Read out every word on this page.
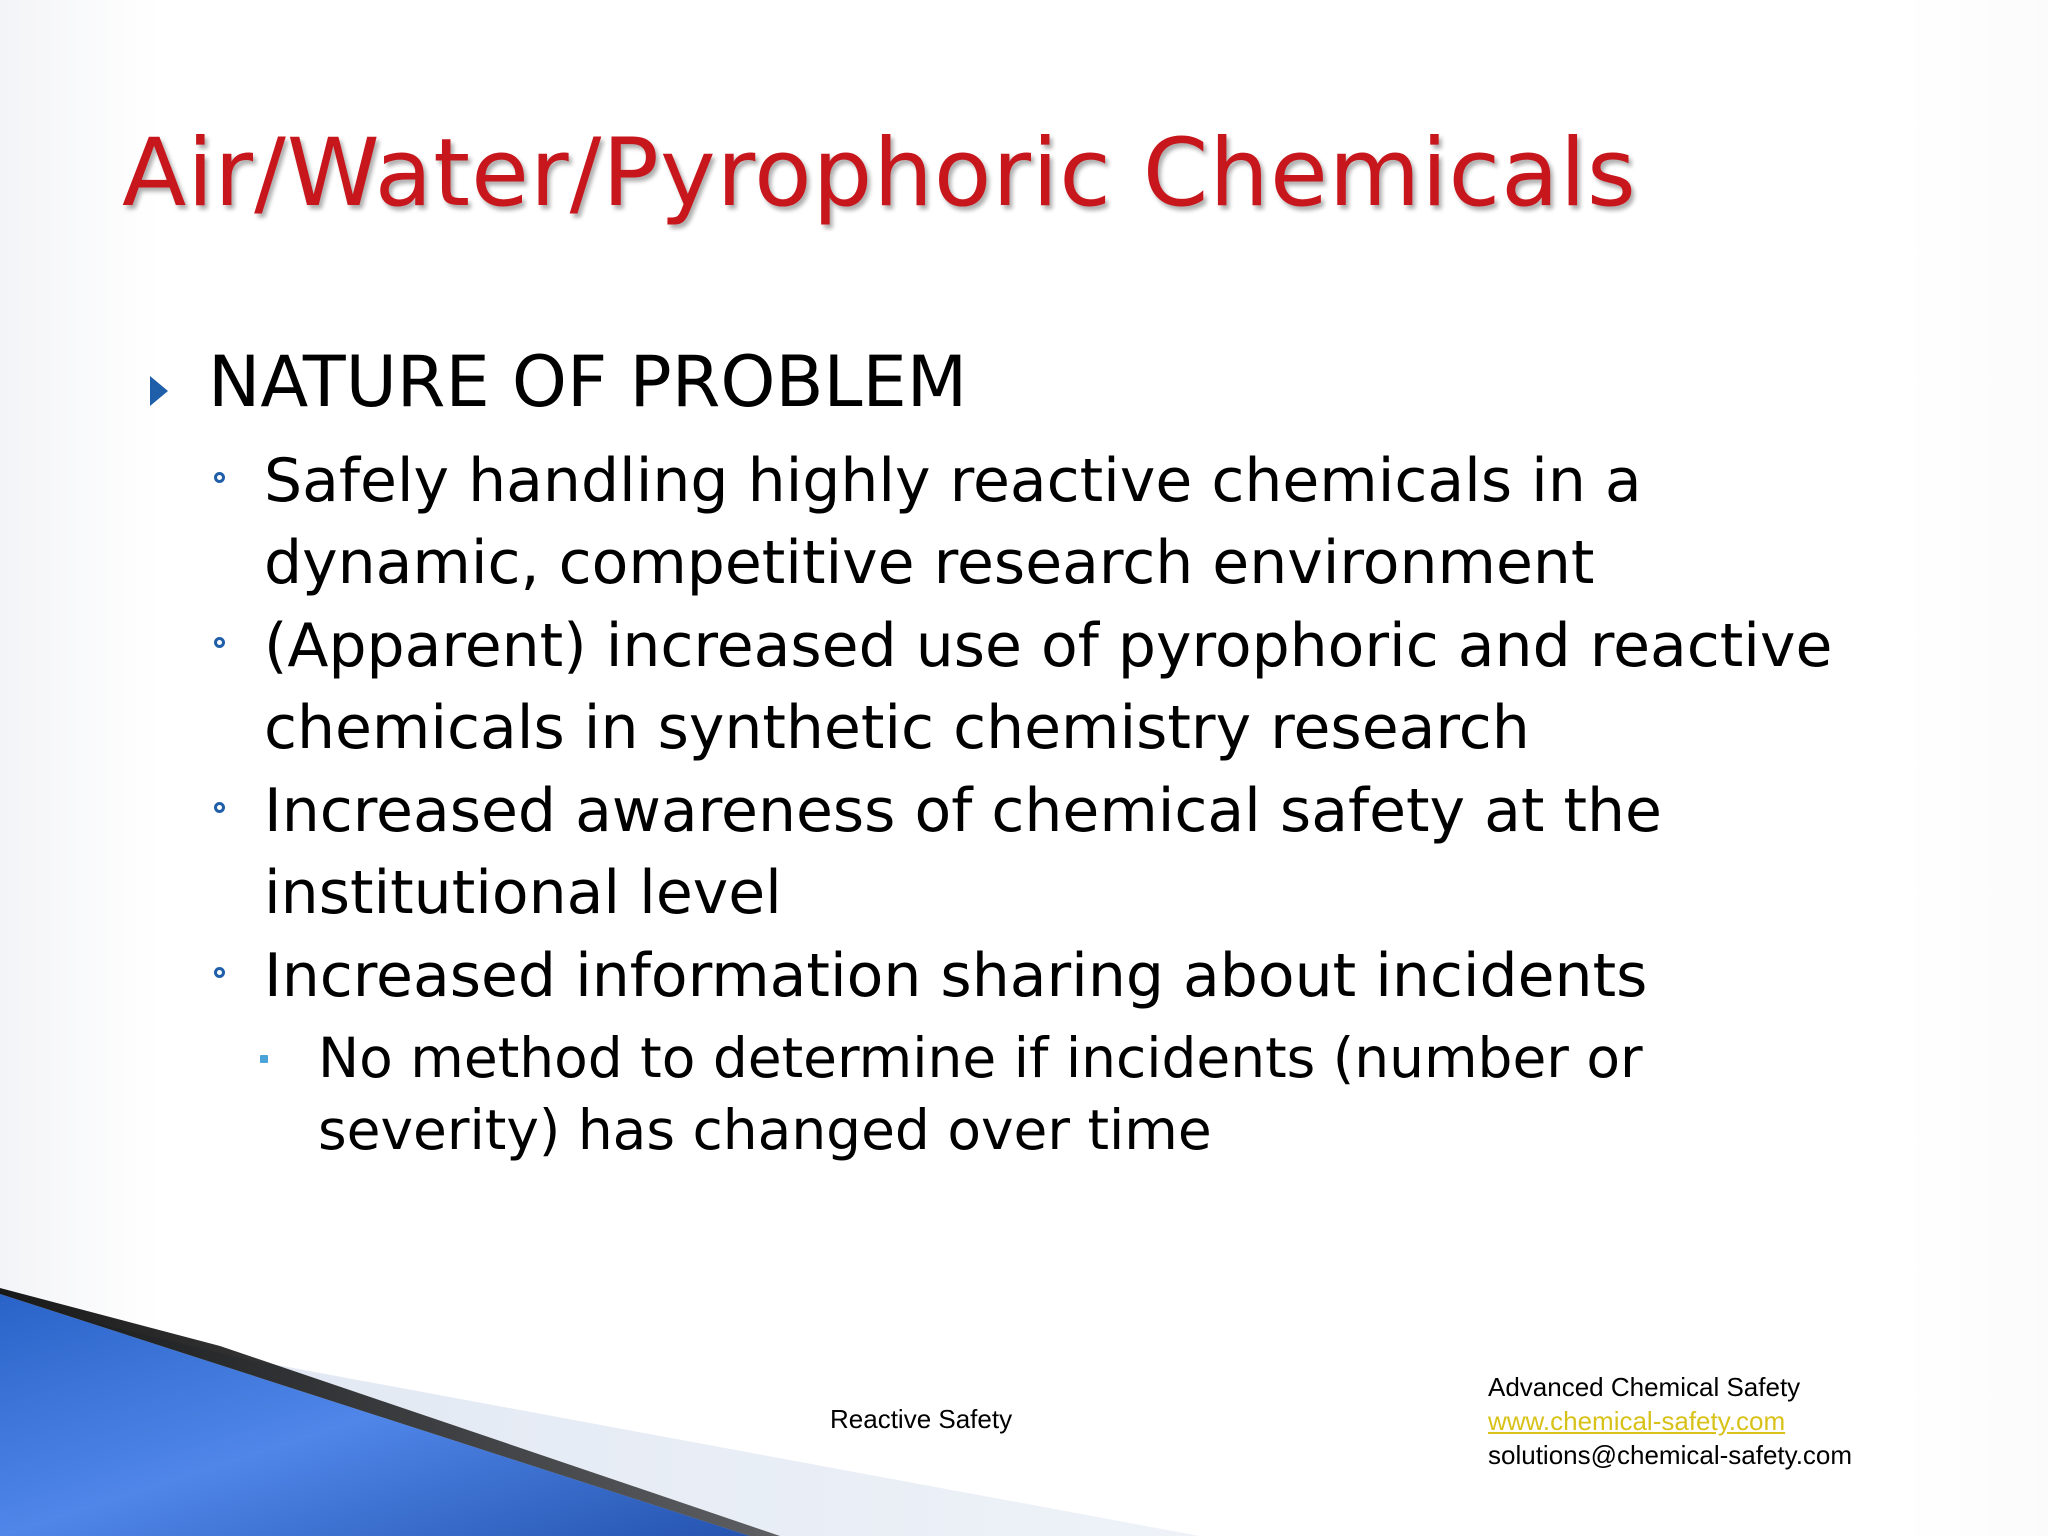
Air/Water/Pyrophoric Chemicals
NATURE OF PROBLEM
Safely handling highly reactive chemicals in a
dynamic, competitive research environment
(Apparent) increased use of pyrophoric and reactive
chemicals in synthetic chemistry research
Increased awareness of chemical safety at the
institutional level
Increased information sharing about incidents
No method to determine if incidents (number or
severity) has changed over time
Reactive Safety
Advanced Chemical Safety
www.chemical-safety.com
solutions@chemical-safety.com
